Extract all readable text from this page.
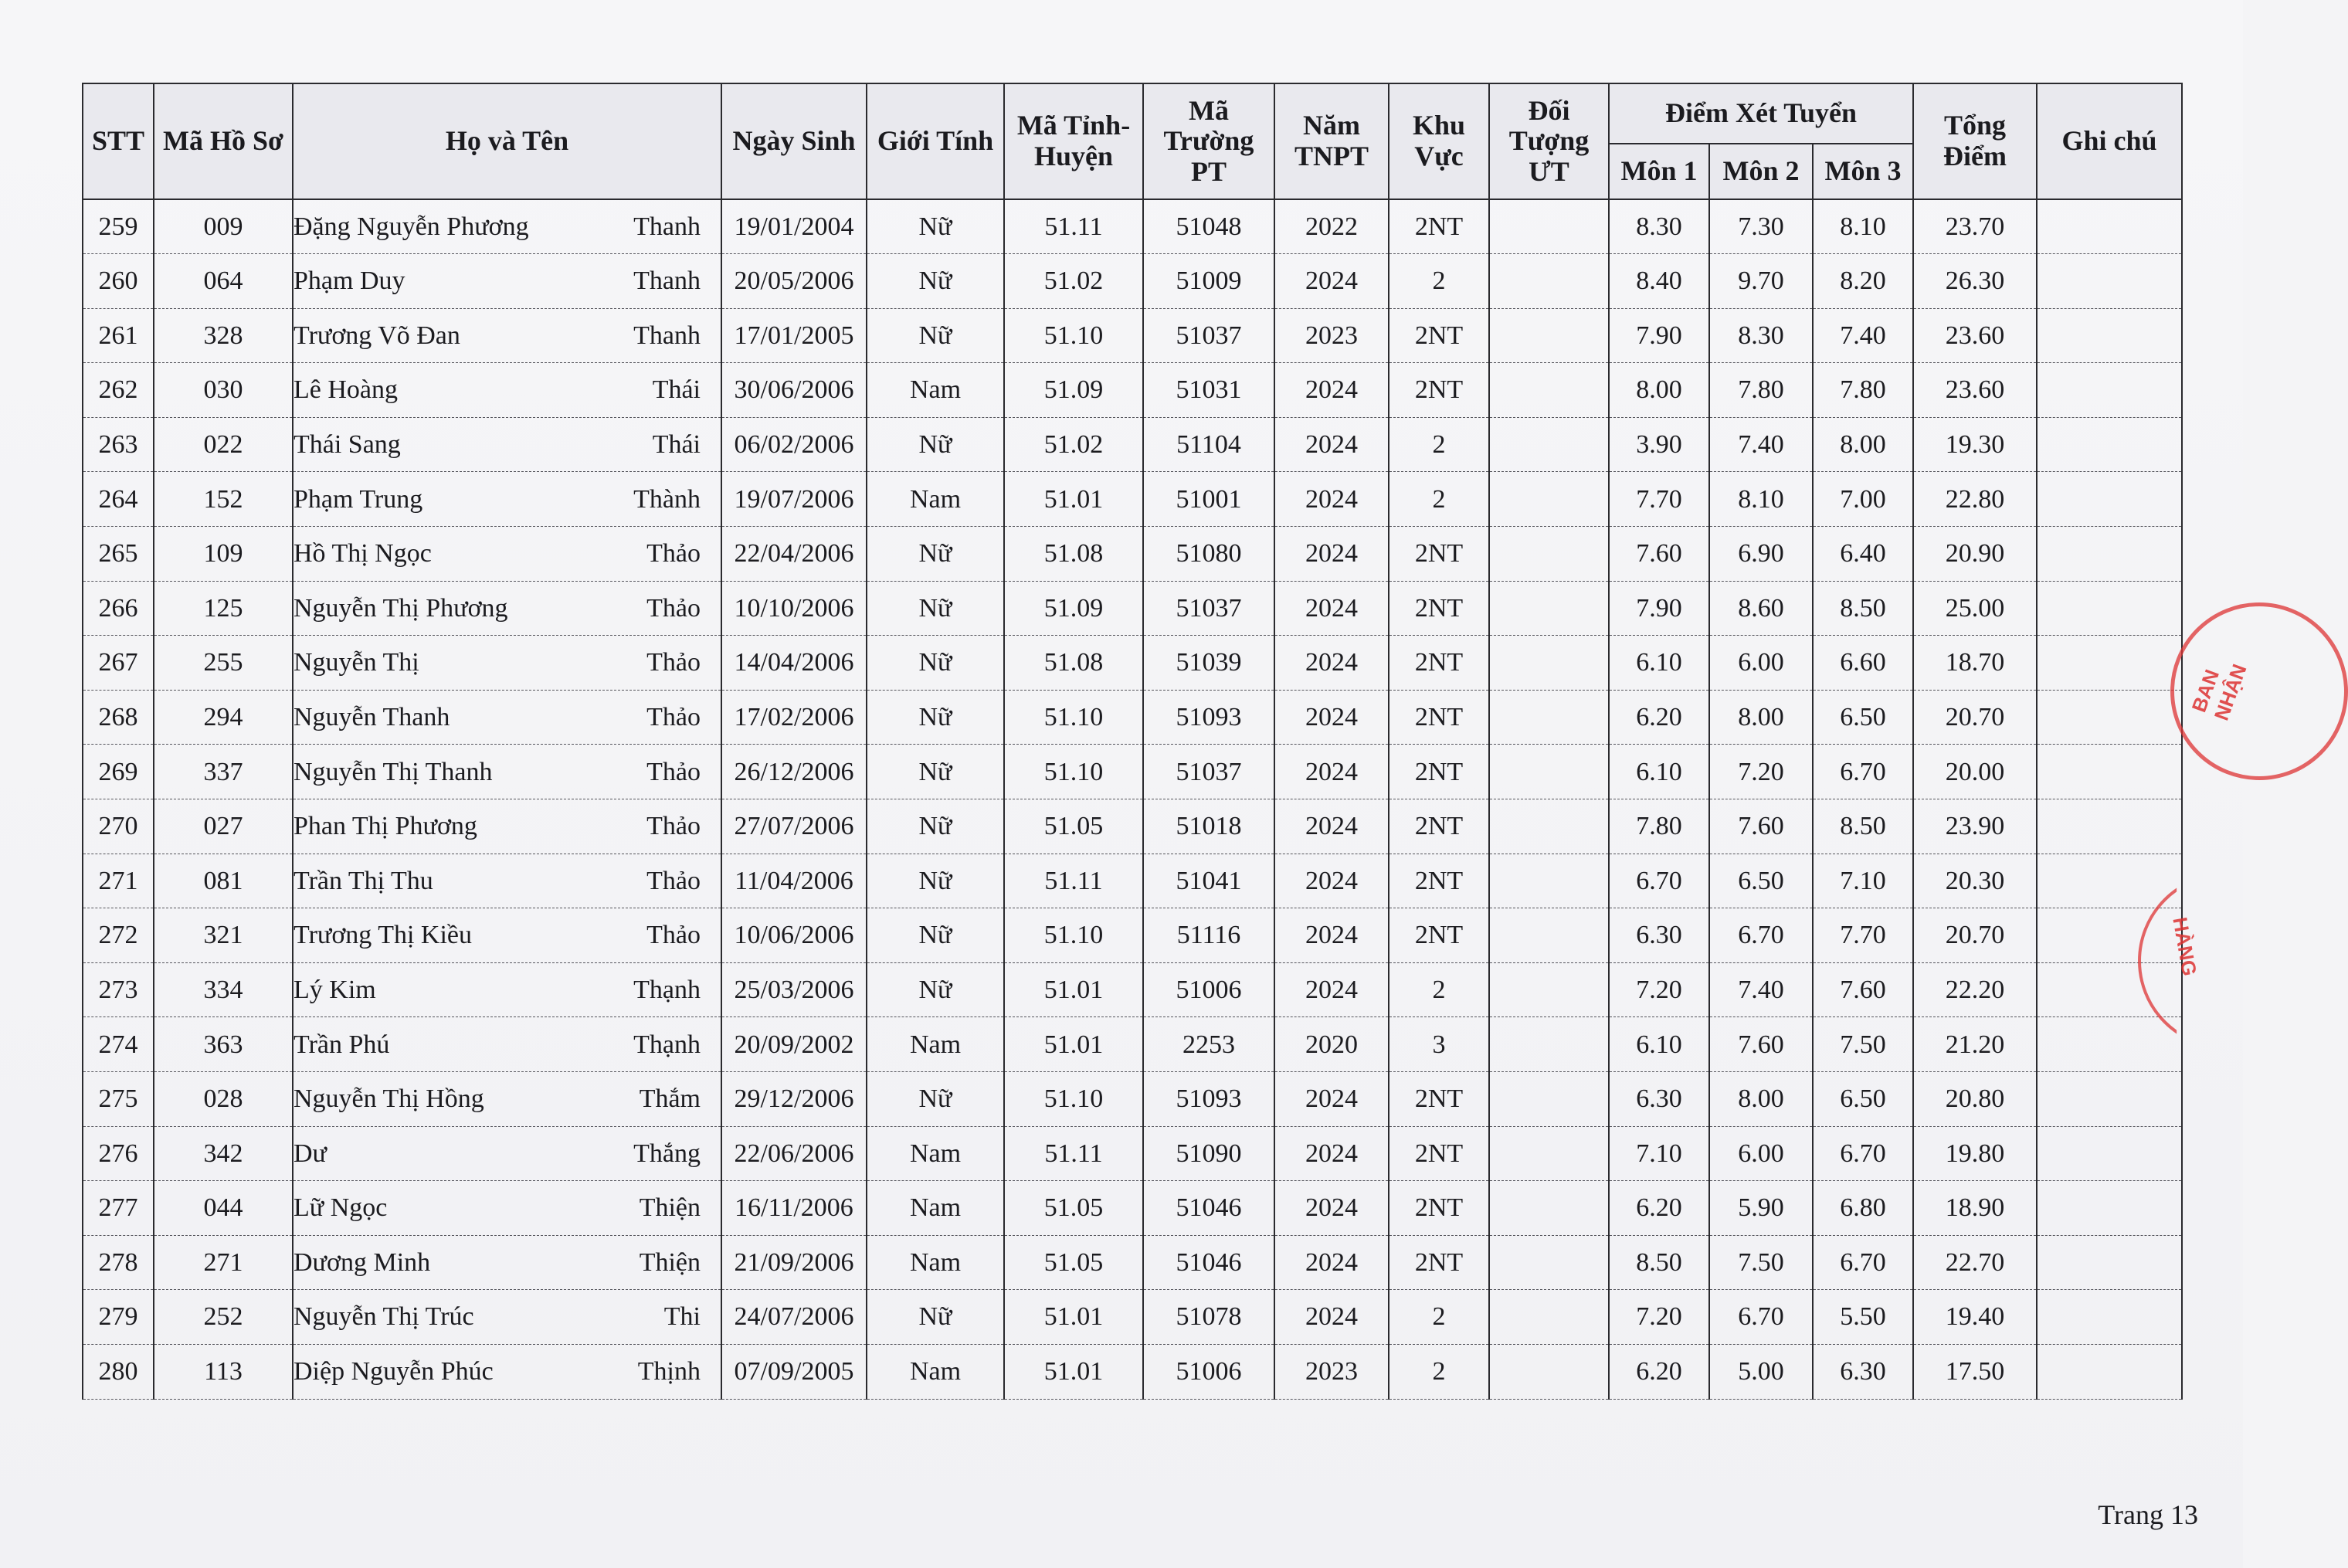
STT	Mã Hồ Sơ	Họ và Tên	Ngày Sinh	Giới Tính	Mã Tỉnh-Huyện	Mã Trường PT	Năm TNPT	Khu Vực	Đối Tượng ƯT	Điểm Xét Tuyển			Tổng Điểm	Ghi chú
										Môn 1	Môn 2	Môn 3		
259	009	Đặng Nguyễn Phương Thanh	19/01/2004	Nữ	51.11	51048	2022	2NT		8.30	7.30	8.10	23.70	
260	064	Phạm Duy Thanh	20/05/2006	Nữ	51.02	51009	2024	2		8.40	9.70	8.20	26.30	
261	328	Trương Võ Đan Thanh	17/01/2005	Nữ	51.10	51037	2023	2NT		7.90	8.30	7.40	23.60	
262	030	Lê Hoàng Thái	30/06/2006	Nam	51.09	51031	2024	2NT		8.00	7.80	7.80	23.60	
263	022	Thái Sang Thái	06/02/2006	Nữ	51.02	51104	2024	2		3.90	7.40	8.00	19.30	
264	152	Phạm Trung Thành	19/07/2006	Nam	51.01	51001	2024	2		7.70	8.10	7.00	22.80	
265	109	Hồ Thị Ngọc Thảo	22/04/2006	Nữ	51.08	51080	2024	2NT		7.60	6.90	6.40	20.90	
266	125	Nguyễn Thị Phương Thảo	10/10/2006	Nữ	51.09	51037	2024	2NT		7.90	8.60	8.50	25.00	
267	255	Nguyễn Thị Thảo	14/04/2006	Nữ	51.08	51039	2024	2NT		6.10	6.00	6.60	18.70	
268	294	Nguyễn Thanh Thảo	17/02/2006	Nữ	51.10	51093	2024	2NT		6.20	8.00	6.50	20.70	
269	337	Nguyễn Thị Thanh Thảo	26/12/2006	Nữ	51.10	51037	2024	2NT		6.10	7.20	6.70	20.00	
270	027	Phan Thị Phương Thảo	27/07/2006	Nữ	51.05	51018	2024	2NT		7.80	7.60	8.50	23.90	
271	081	Trần Thị Thu Thảo	11/04/2006	Nữ	51.11	51041	2024	2NT		6.70	6.50	7.10	20.30	
272	321	Trương Thị Kiều Thảo	10/06/2006	Nữ	51.10	51116	2024	2NT		6.30	6.70	7.70	20.70	
273	334	Lý Kim Thạnh	25/03/2006	Nữ	51.01	51006	2024	2		7.20	7.40	7.60	22.20	
274	363	Trần Phú Thạnh	20/09/2002	Nam	51.01	2253	2020	3		6.10	7.60	7.50	21.20	
275	028	Nguyễn Thị Hồng Thắm	29/12/2006	Nữ	51.10	51093	2024	2NT		6.30	8.00	6.50	20.80	
276	342	Dư Thắng	22/06/2006	Nam	51.11	51090	2024	2NT		7.10	6.00	6.70	19.80	
277	044	Lữ Ngọc Thiện	16/11/2006	Nam	51.05	51046	2024	2NT		6.20	5.90	6.80	18.90	
278	271	Dương Minh Thiện	21/09/2006	Nam	51.05	51046	2024	2NT		8.50	7.50	6.70	22.70	
279	252	Nguyễn Thị Trúc Thi	24/07/2006	Nữ	51.01	51078	2024	2		7.20	6.70	5.50	19.40	
280	113	Diệp Nguyễn Phúc Thịnh	07/09/2005	Nam	51.01	51006	2023	2		6.20	5.00	6.30	17.50	
Trang 13
BAN NHẬN
HÀNG
